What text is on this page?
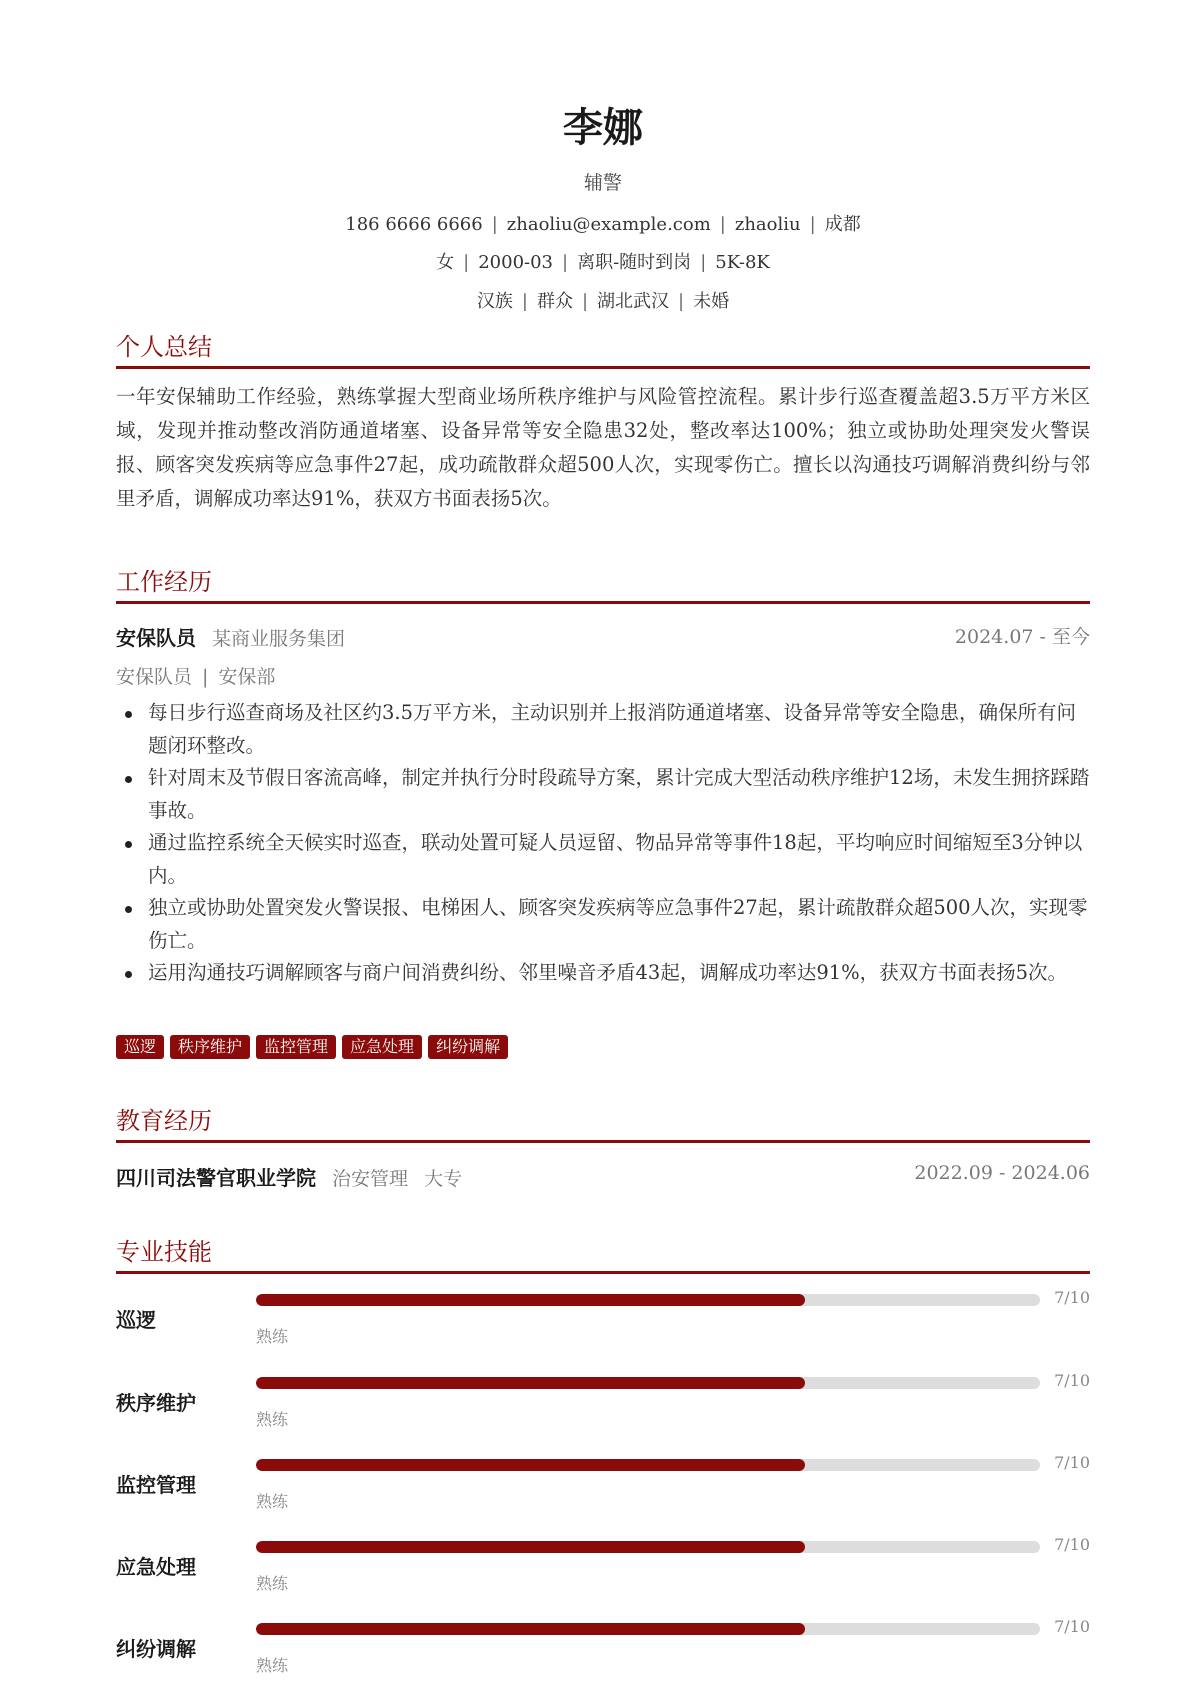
李娜
辅警
186 6666 6666 | zhaoliu@example.com | zhaoliu | 成都
女 | 2000-03 | 离职-随时到岗 | 5K-8K
汉族 | 群众 | 湖北武汉 | 未婚
个人总结
一年安保辅助工作经验，熟练掌握大型商业场所秩序维护与风险管控流程。累计步行巡查覆盖超3.5万平方米区域，发现并推动整改消防通道堵塞、设备异常等安全隐患32处，整改率达100%；独立或协助处理突发火警误报、顾客突发疾病等应急事件27起，成功疏散群众超500人次，实现零伤亡。擅长以沟通技巧调解消费纠纷与邻里矛盾，调解成功率达91%，获双方书面表扬5次。
工作经历
安保队员 某商业服务集团	2024.07 - 至今
安保队员 | 安保部
每日步行巡查商场及社区约3.5万平方米，主动识别并上报消防通道堵塞、设备异常等安全隐患，确保所有问题闭环整改。
针对周末及节假日客流高峰，制定并执行分时段疏导方案，累计完成大型活动秩序维护12场，未发生拥挤踩踏事故。
通过监控系统全天候实时巡查，联动处置可疑人员逗留、物品异常等事件18起，平均响应时间缩短至3分钟以内。
独立或协助处置突发火警误报、电梯困人、顾客突发疾病等应急事件27起，累计疏散群众超500人次，实现零伤亡。
运用沟通技巧调解顾客与商户间消费纠纷、邻里噪音矛盾43起，调解成功率达91%，获双方书面表扬5次。
巡逻 秩序维护 监控管理 应急处理 纠纷调解
教育经历
四川司法警官职业学院 治安管理 大专	2022.09 - 2024.06
专业技能
巡逻
7/10
熟练
秩序维护
7/10
熟练
监控管理
7/10
熟练
应急处理
7/10
熟练
纠纷调解
7/10
熟练
